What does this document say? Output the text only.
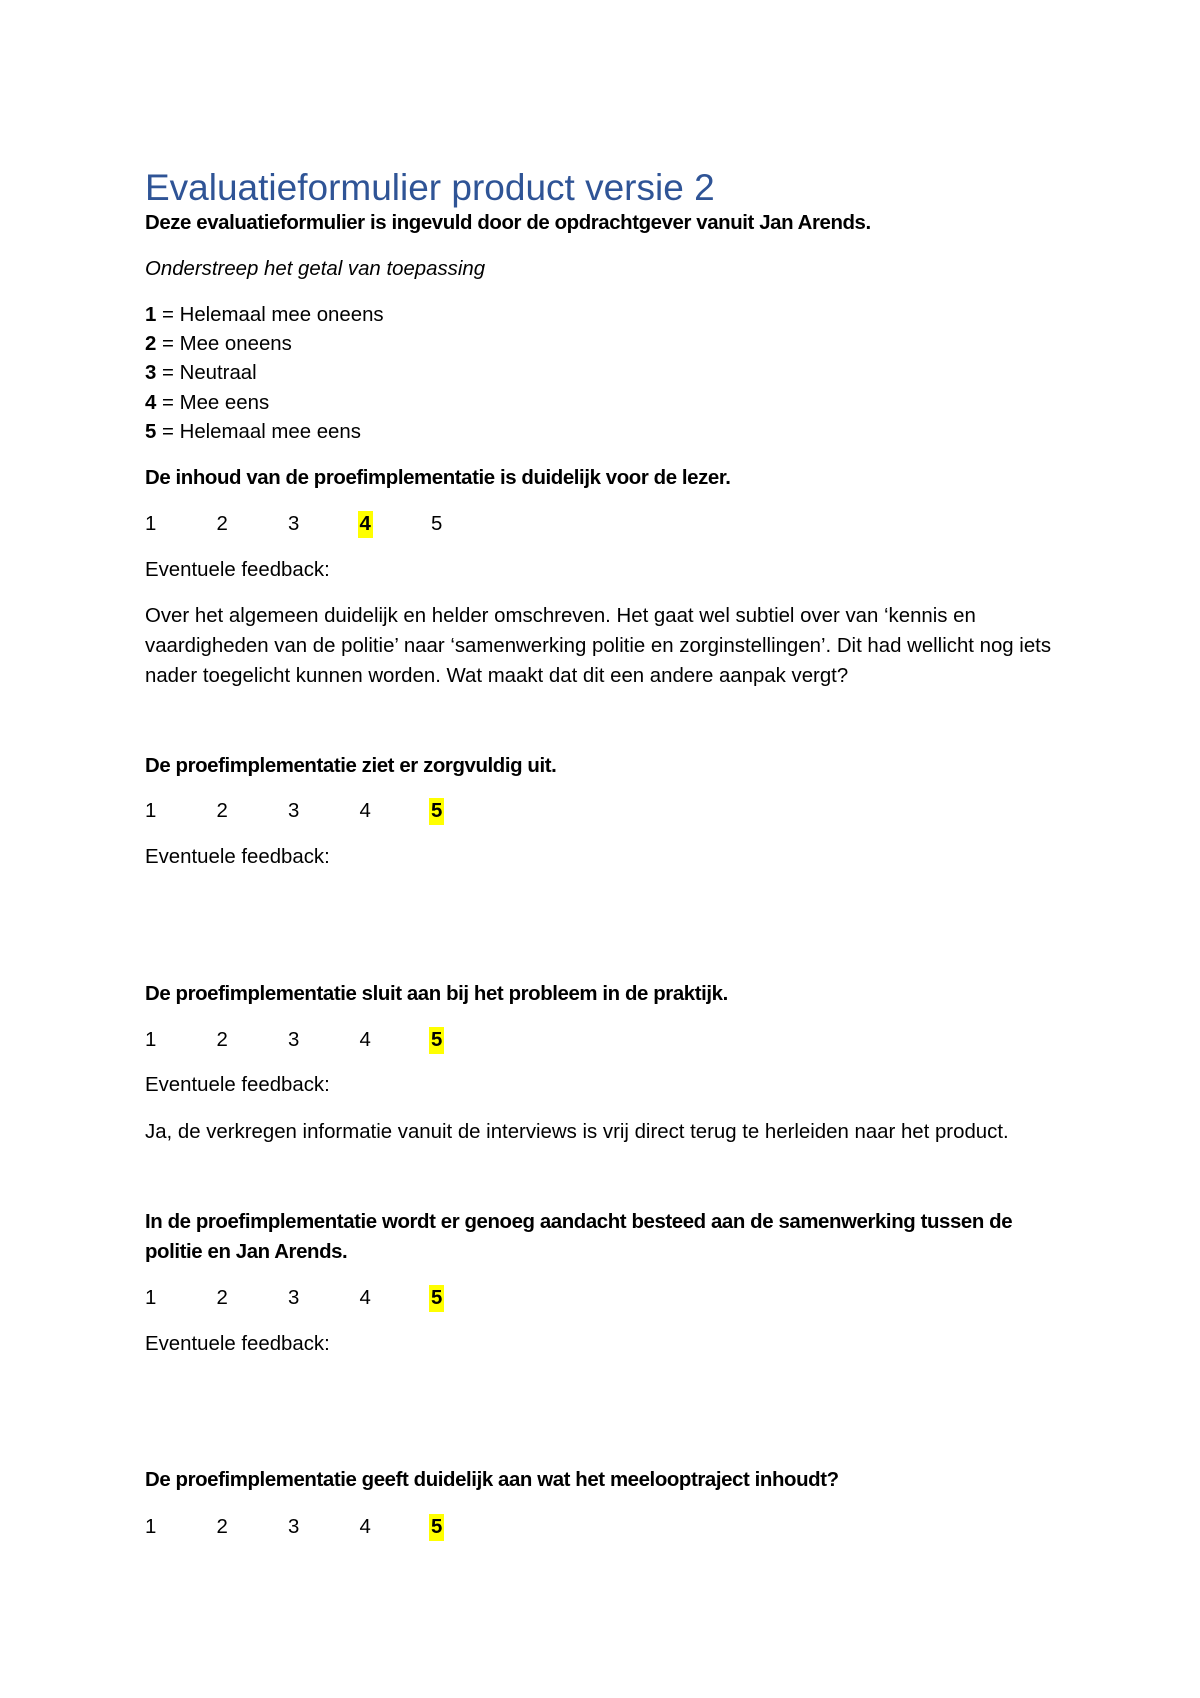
Evaluatieformulier product versie 2
Deze evaluatieformulier is ingevuld door de opdrachtgever vanuit Jan Arends.
Onderstreep het getal van toepassing
1 = Helemaal mee oneens
2 = Mee oneens
3 = Neutraal
4 = Mee eens
5 = Helemaal mee eens
De inhoud van de proefimplementatie is duidelijk voor de lezer.
1	2	3	4	5
Eventuele feedback:

Over het algemeen duidelijk en helder omschreven. Het gaat wel subtiel over van ‘kennis en vaardigheden van de politie’ naar ‘samenwerking politie en zorginstellingen’. Dit had wellicht nog iets nader toegelicht kunnen worden. Wat maakt dat dit een andere aanpak vergt?

De proefimplementatie ziet er zorgvuldig uit.
1	2	3	4	5
Eventuele feedback:
De proefimplementatie sluit aan bij het probleem in de praktijk.
1	2	3	4	5
Eventuele feedback:

Ja, de verkregen informatie vanuit de interviews is vrij direct terug te herleiden naar het product.

In de proefimplementatie wordt er genoeg aandacht besteed aan de samenwerking tussen de politie en Jan Arends.

1	2	3	4	5
Eventuele feedback:
De proefimplementatie geeft duidelijk aan wat het meelooptraject inhoudt?
1	2	3	4	5
